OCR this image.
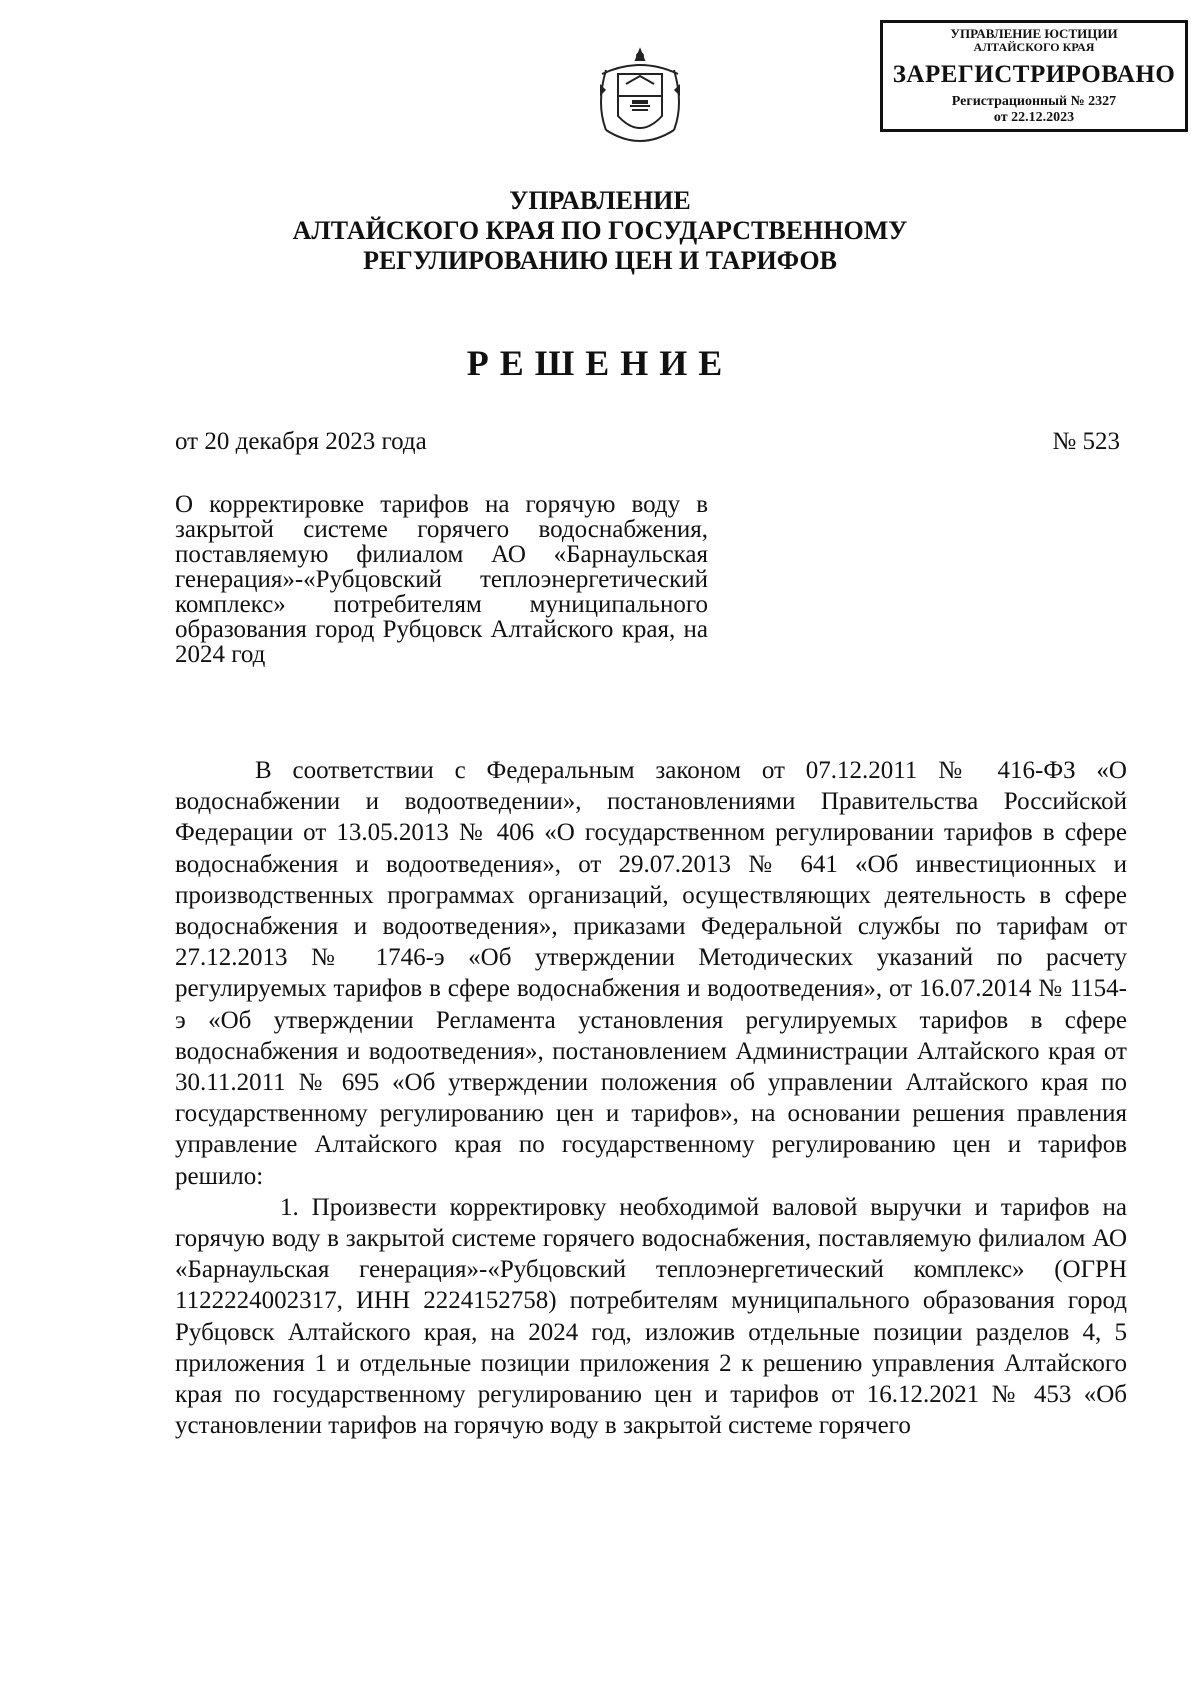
УПРАВЛЕНИЕ ЮСТИЦИИ
АЛТАЙСКОГО КРАЯ
ЗАРЕГИСТРИРОВАНО
Регистрационный № 2327
от 22.12.2023
УПРАВЛЕНИЕ
АЛТАЙСКОГО КРАЯ ПО ГОСУДАРСТВЕННОМУ
РЕГУЛИРОВАНИЮ ЦЕН И ТАРИФОВ
РЕШЕНИЕ
от 20 декабря 2023 года	№ 523
О корректировке тарифов на горячую воду в закрытой системе горячего водоснабжения, поставляемую филиалом АО «Барнаульская генерация»-«Рубцовский теплоэнергетический комплекс» потребителям муниципального образования город Рубцовск Алтайского края, на 2024 год

В соответствии с Федеральным законом от 07.12.2011 № 416-ФЗ «О водоснабжении и водоотведении», постановлениями Правительства Российской Федерации от 13.05.2013 № 406 «О государственном регулировании тарифов в сфере водоснабжения и водоотведения», от 29.07.2013 № 641 «Об инвестиционных и производственных программах организаций, осуществляющих деятельность в сфере водоснабжения и водоотведения», приказами Федеральной службы по тарифам от 27.12.2013 № 1746-э «Об утверждении Методических указаний по расчету регулируемых тарифов в сфере водоснабжения и водоотведения», от 16.07.2014 № 1154-э «Об утверждении Регламента установления регулируемых тарифов в сфере водоснабжения и водоотведения», постановлением Администрации Алтайского края от 30.11.2011 № 695 «Об утверждении положения об управлении Алтайского края по государственному регулированию цен и тарифов», на основании решения правления управление Алтайского края по государственному регулированию цен и тарифов решило:

1. Произвести корректировку необходимой валовой выручки и тарифов на горячую воду в закрытой системе горячего водоснабжения, поставляемую филиалом АО «Барнаульская генерация»-«Рубцовский теплоэнергетический комплекс» (ОГРН 1122224002317, ИНН 2224152758) потребителям муниципального образования город Рубцовск Алтайского края, на 2024 год, изложив отдельные позиции разделов 4, 5 приложения 1 и отдельные позиции приложения 2 к решению управления Алтайского края по государственному регулированию цен и тарифов от 16.12.2021 № 453 «Об установлении тарифов на горячую воду в закрытой системе горячего
